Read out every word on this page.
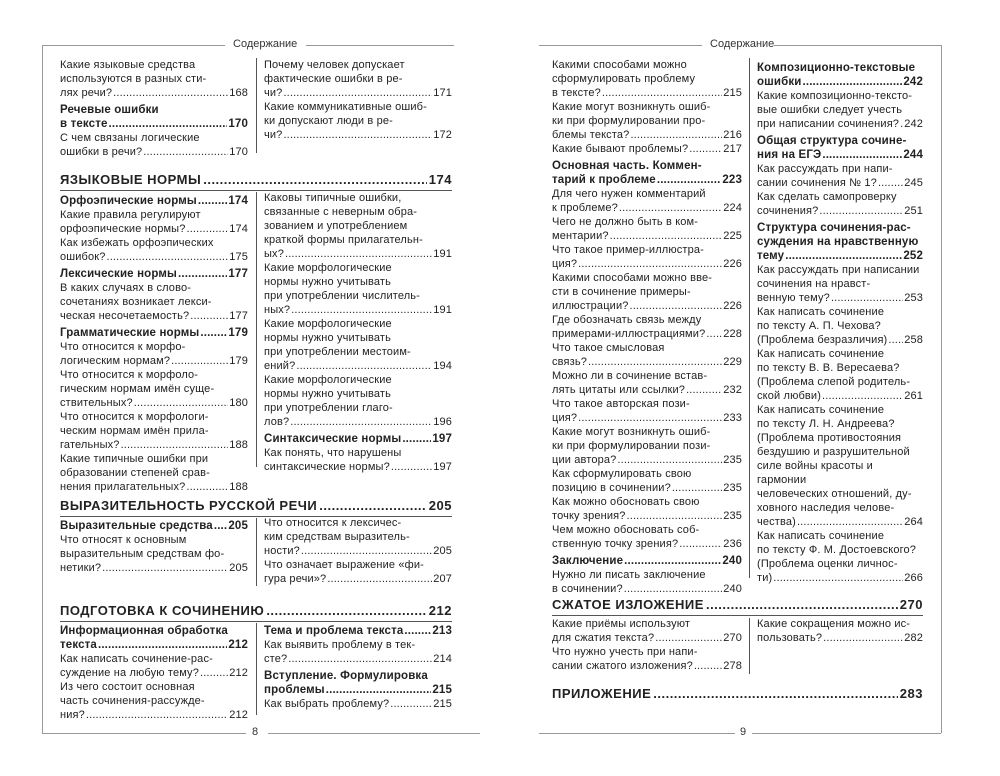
Содержание
8
Какие языковые средства
используются в разных сти-
лях речи? .....	168
Речевые ошибки
в тексте .....	170
С чем связаны логические
ошибки в речи? .....	170
Почему человек допускает
фактические ошибки в ре-
чи? .....	171
Какие коммуникативные ошиб-
ки допускают люди в ре-
чи? .....	172
ЯЗЫКОВЫЕ НОРМЫ .....	174
Орфоэпические нормы .....	174
Какие правила регулируют
орфоэпические нормы? .....	174
Как избежать орфоэпических
ошибок? .....	175
Лексические нормы .....	177
В каких случаях в слово-
сочетаниях возникает лекси-
ческая несочетаемость? .....	177
Грамматические нормы .....	179
Что относится к морфо-
логическим нормам? .....	179
Что относится к морфоло-
гическим нормам имён суще-
ствительных? .....	180
Что относится к морфологи-
ческим нормам имён прила-
гательных? .....	188
Какие типичные ошибки при
образовании степеней срав-
нения прилагательных? .....	188
Каковы типичные ошибки,
связанные с неверным обра-
зованием и употреблением
краткой формы прилагательн-
ых? .....	191
Какие морфологические
нормы нужно учитывать
при употреблении числитель-
ных? .....	191
Какие морфологические
нормы нужно учитывать
при употреблении местоим-
ений? .....	194
Какие морфологические
нормы нужно учитывать
при употреблении глаго-
лов? .....	196
Синтаксические нормы .....	197
Как понять, что нарушены
синтаксические нормы? .....	197
ВЫРАЗИТЕЛЬНОСТЬ РУССКОЙ РЕЧИ .....	205
Выразительные средства ..... 205
Что относят к основным
выразительным средствам фо-
нетики? .....	205
Что относится к лексичес-
ким средствам выразитель-
ности? .....	205
Что означает выражение «фи-
гура речи»? .....	207
ПОДГОТОВКА К СОЧИНЕНИЮ .....	212
Информационная обработка
текста .....	212
Как написать сочинение-рас-
суждение на любую тему? .....	212
Из чего состоит основная
часть сочинения-рассужде-
ния? .....	212
Тема и проблема текста .....	213
Как выявить проблему в тек-
сте? .....	214
Вступление. Формулировка
проблемы .....	215
Как выбрать проблему? .....	215
Содержание
9
Какими способами можно
сформулировать проблему
в тексте? .....	215
Какие могут возникнуть ошиб-
ки при формулировании про-
блемы текста? .....	216
Какие бывают проблемы? .....	217
Основная часть. Коммен-
тарий к проблеме .....	223
Для чего нужен комментарий
к проблеме? .....	224
Чего не должно быть в ком-
ментарии? .....	225
Что такое пример-иллюстра-
ция? .....	226
Какими способами можно вве-
сти в сочинение примеры-
иллюстрации? .....	226
Где обозначать связь между
примерами-иллюстрациями? ..... 228
Что такое смысловая
связь? .....	229
Можно ли в сочинение встав-
лять цитаты или ссылки? .....	232
Что такое авторская пози-
ция? .....	233
Какие могут возникнуть ошиб-
ки при формулировании пози-
ции автора? .....	235
Как сформулировать свою
позицию в сочинении? .....	235
Как можно обосновать свою
точку зрения? .....	235
Чем можно обосновать соб-
ственную точку зрения? .....	236
Заключение .....	240
Нужно ли писать заключение
в сочинении? .....	240
Композиционно-текстовые
ошибки .....	242
Какие композиционно-тексто-
вые ошибки следует учесть
при написании сочинения? ..... 242
Общая структура сочине-
ния на ЕГЭ .....	244
Как рассуждать при напи-
сании сочинения № 1? ..... 245
Как сделать самопроверку
сочинения? .....	251
Структура сочинения-рас-
суждения на нравственную
тему .....	252
Как рассуждать при написании
сочинения на нравст-
венную тему? .....	253
Как написать сочинение
по тексту А. П. Чехова?
(Проблема безразличия) ..... 258
Как написать сочинение
по тексту В. В. Вересаева?
(Проблема слепой родитель-
ской любви) .....	261
Как написать сочинение
по тексту Л. Н. Андреева?
(Проблема противостояния
бездушию и разрушительной
силе войны красоты и гармонии
человеческих отношений, ду-
ховного наследия челове-
чества) .....	264
Как написать сочинение
по тексту Ф. М. Достоевского?
(Проблема оценки личнос-
ти) .....	266
СЖАТОЕ ИЗЛОЖЕНИЕ .....	270
Какие приёмы используют
для сжатия текста? .....	270
Что нужно учесть при напи-
сании сжатого изложения? .....	278
Какие сокращения можно ис-
пользовать? .....	282
ПРИЛОЖЕНИЕ .....	283
